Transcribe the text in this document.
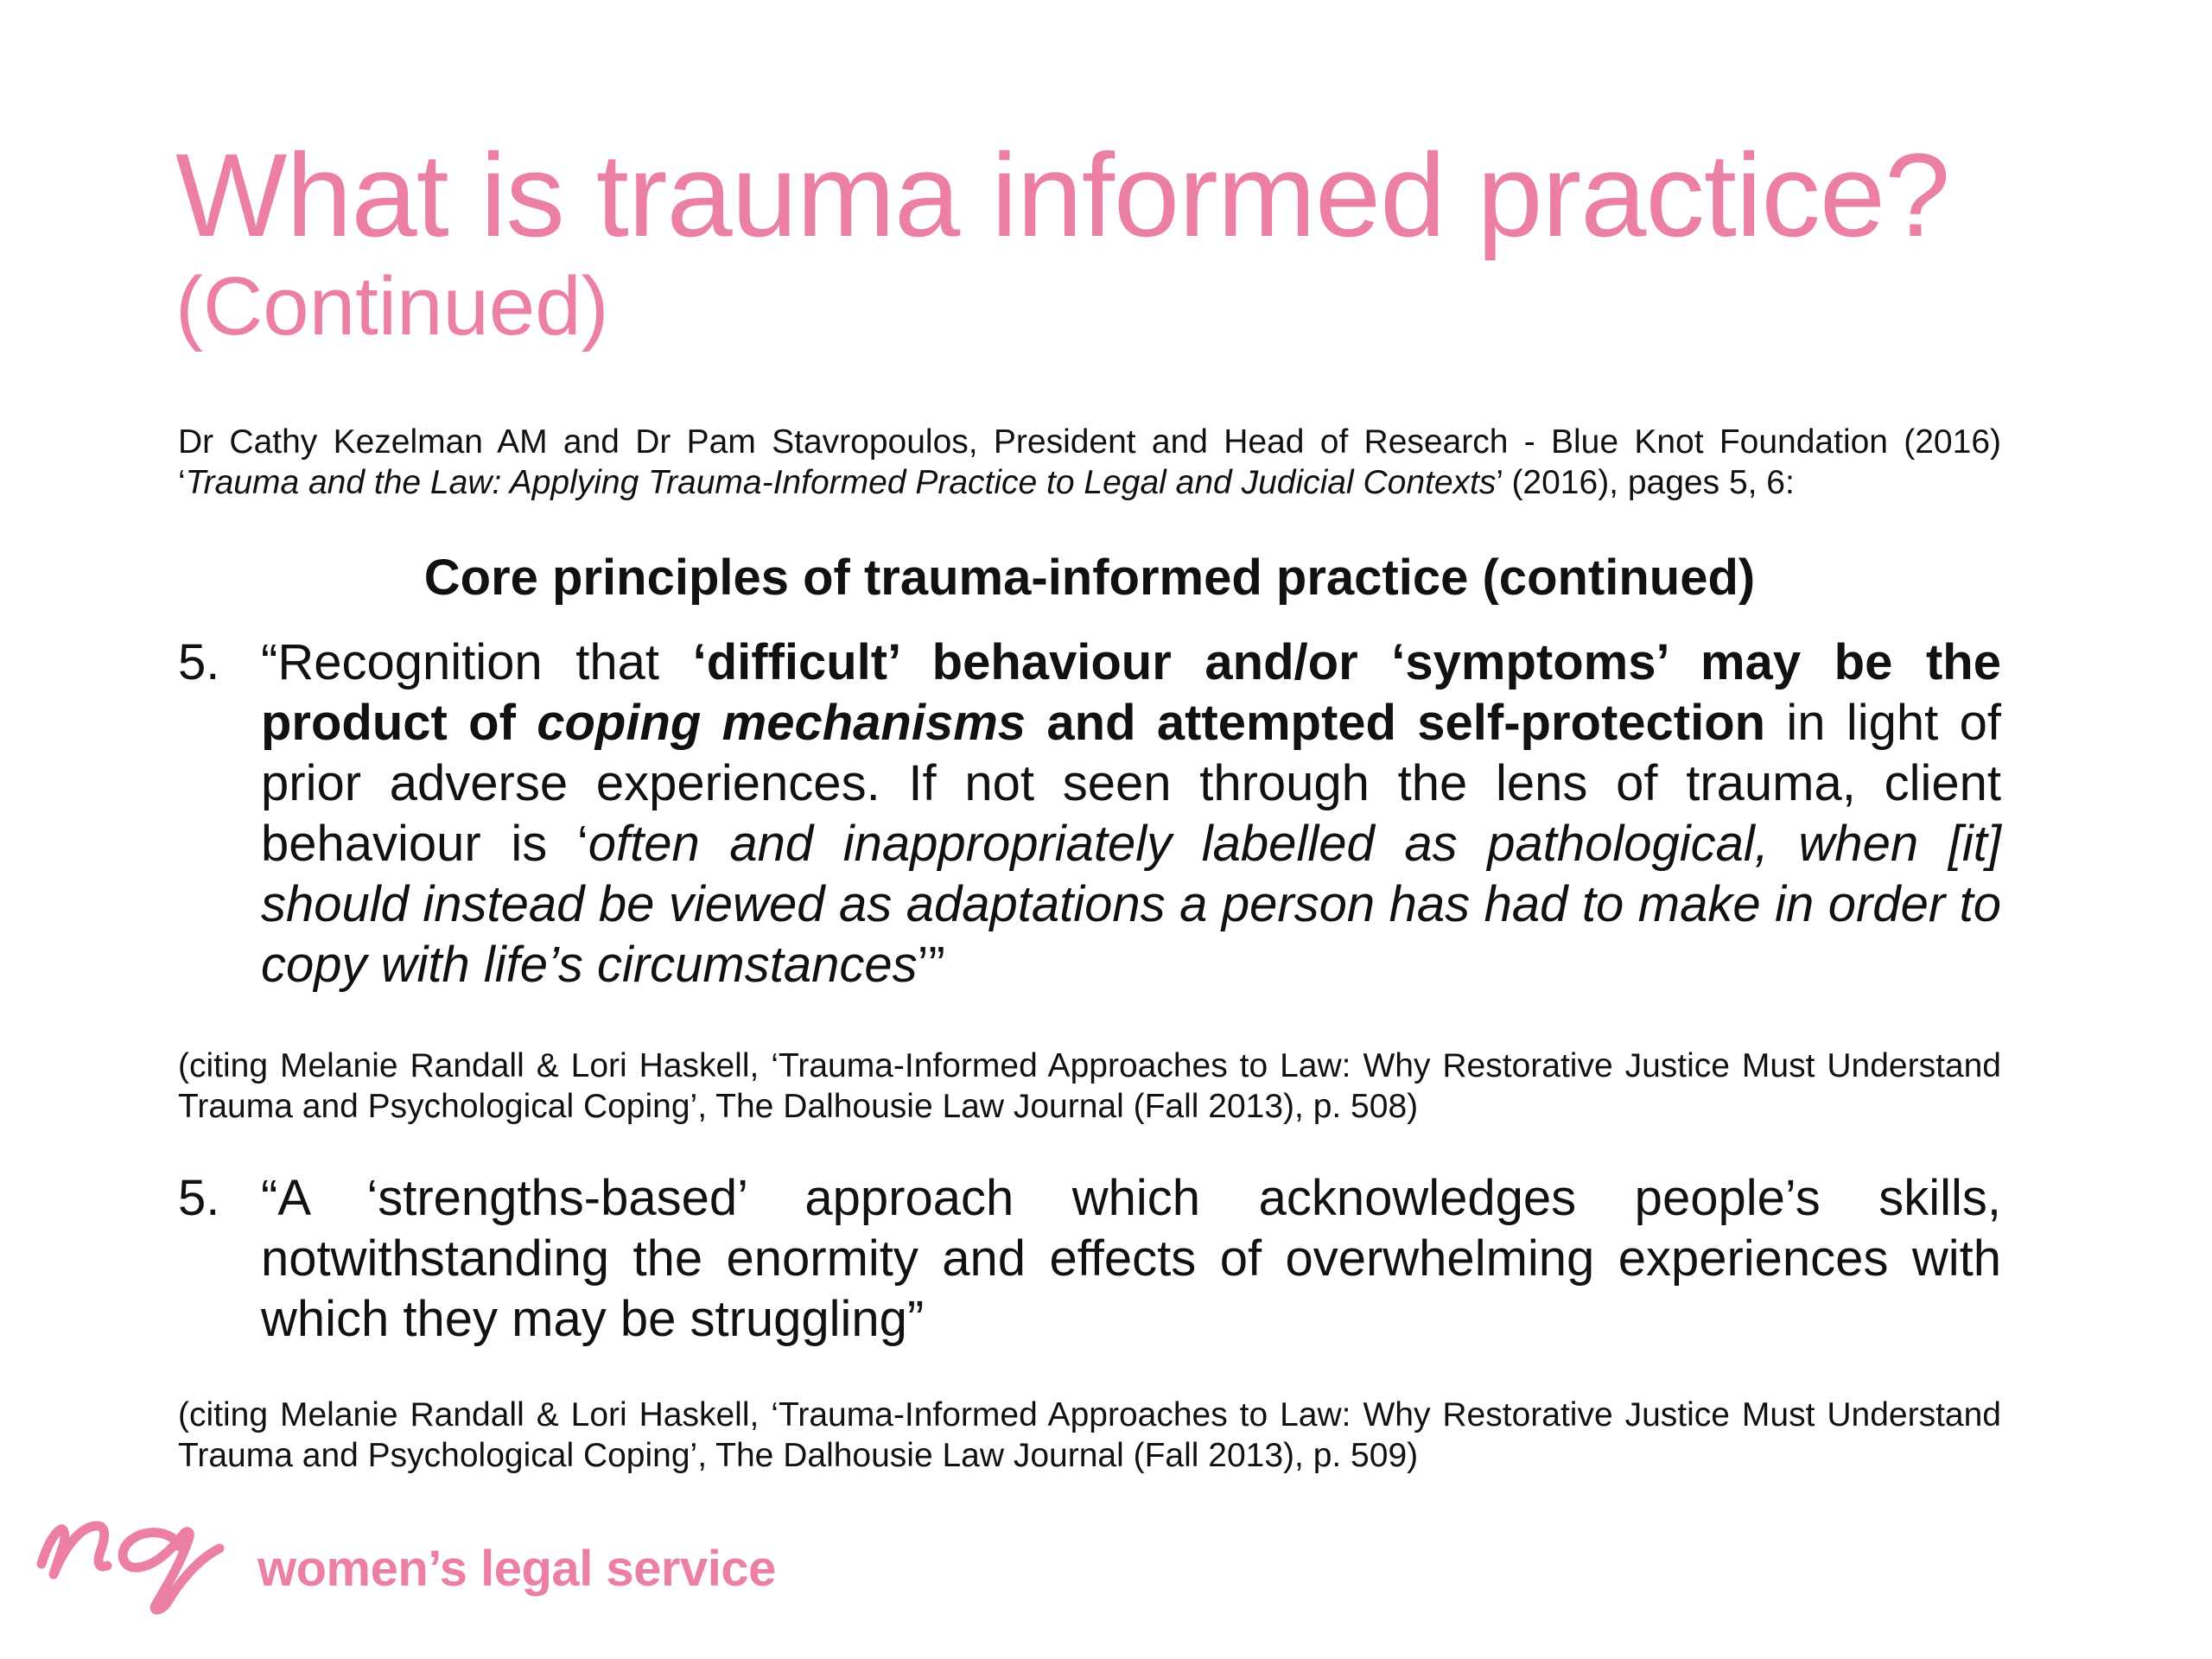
What is trauma informed practice?
(Continued)

Dr Cathy Kezelman AM and Dr Pam Stavropoulos, President and Head of Research - Blue Knot Foundation (2016) ‘Trauma and the Law: Applying Trauma-Informed Practice to Legal and Judicial Contexts’ (2016), pages 5, 6:

Core principles of trauma-informed practice (continued)

5. “Recognition that ‘difficult’ behaviour and/or ‘symptoms’ may be the product of coping mechanisms and attempted self-protection in light of prior adverse experiences. If not seen through the lens of trauma, client behaviour is ‘often and inappropriately labelled as pathological, when [it] should instead be viewed as adaptations a person has had to make in order to copy with life’s circumstances’”

(citing Melanie Randall & Lori Haskell, ‘Trauma-Informed Approaches to Law: Why Restorative Justice Must Understand Trauma and Psychological Coping’, The Dalhousie Law Journal (Fall 2013), p. 508)

5. “A ‘strengths-based’ approach which acknowledges people’s skills, notwithstanding the enormity and effects of overwhelming experiences with which they may be struggling”

(citing Melanie Randall & Lori Haskell, ‘Trauma-Informed Approaches to Law: Why Restorative Justice Must Understand Trauma and Psychological Coping’, The Dalhousie Law Journal (Fall 2013), p. 509)

women’s legal service
